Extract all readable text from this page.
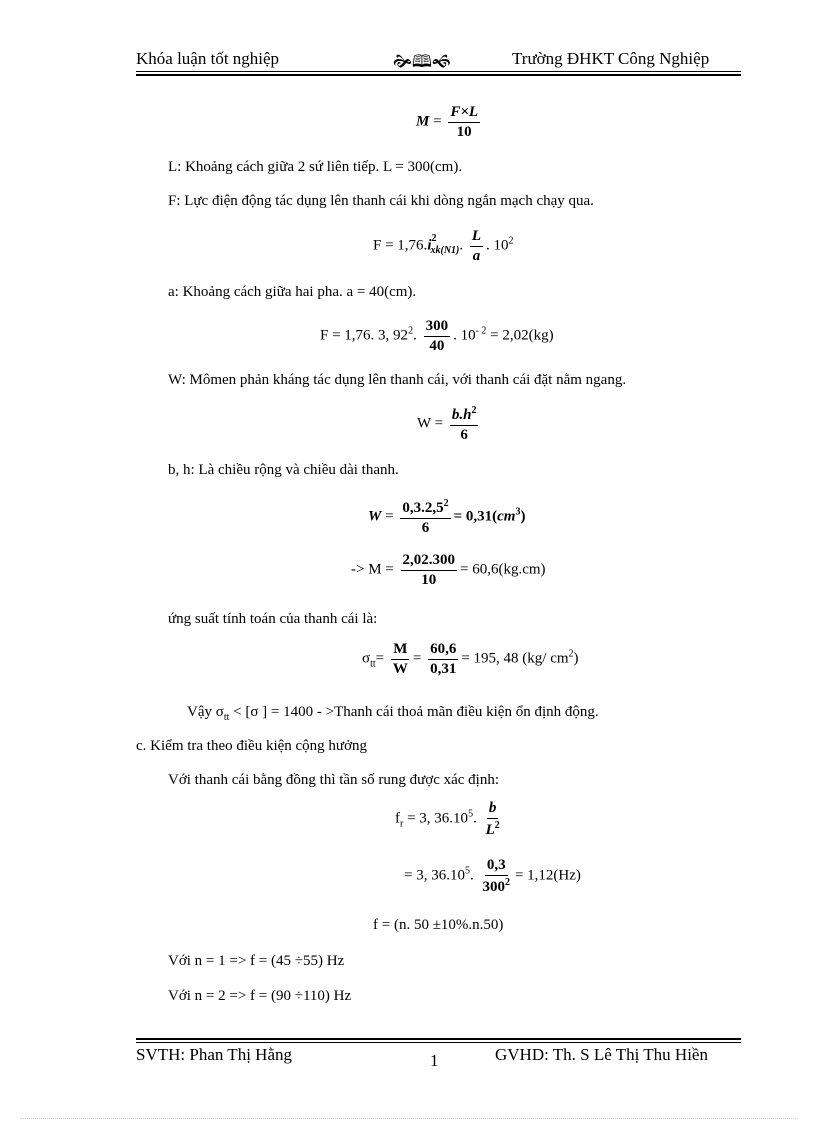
Khóa luận tốt nghiệp	🙞🕮🙜	Trường ĐHKT Công Nghiệp
$M = \frac{F\times L}{10}$
L: Khoảng cách giữa 2 sứ liên tiếp. L = 300(cm).
F: Lực điện động tác dụng lên thanh cái khi dòng ngắn mạch chạy qua.
$F = 1,76.i^2_{xk(N1)}$. $\frac{L}{a}$ . $10^2$
a: Khoảng cách giữa hai pha. a = 40(cm).
F = 1,76. 3, $92^2$. $\frac{300}{40}$ . $10^{- 2} = 2,02(kg)$
W: Mômen phản kháng tác dụng lên thanh cái, với thanh cái đặt nằm ngang.
$W = \frac{b.h^2}{6}$
b, h: Là chiều rộng và chiều dài thanh.
$W = \frac{0,3.2,5^2}{6} = 0,31(cm^3)$
-> $M = \frac{2,02.300}{10} = 60,6(kg.cm)$
ứng suất tính toán của thanh cái là:
$\sigma_{tt}= \frac{M}{W} = \frac{60,6}{0,31} = 195$, 48 (kg/ $cm^2$)
Vậy $\sigma_{tt} < [\sigma$ ] = 1400 - >Thanh cái thoả mãn điều kiện ổn định động.
c. Kiểm tra theo điều kiện cộng hưởng
Với thanh cái bằng đồng thì tần số rung được xác định:
$f_r = 3$, 36.10$^5$. $\frac{b}{L^2}$
= 3, 36.10$^5$. $\frac{0,3}{300^2} = 1,12(Hz)$
f = (n. 50 ±10%.n.50)
Với n = 1 => f = (45 ÷55) Hz
Với n = 2 => f = (90 ÷110) Hz
SVTH: Phan Thị Hằng	1	GVHD: Th. S Lê Thị Thu Hiền
